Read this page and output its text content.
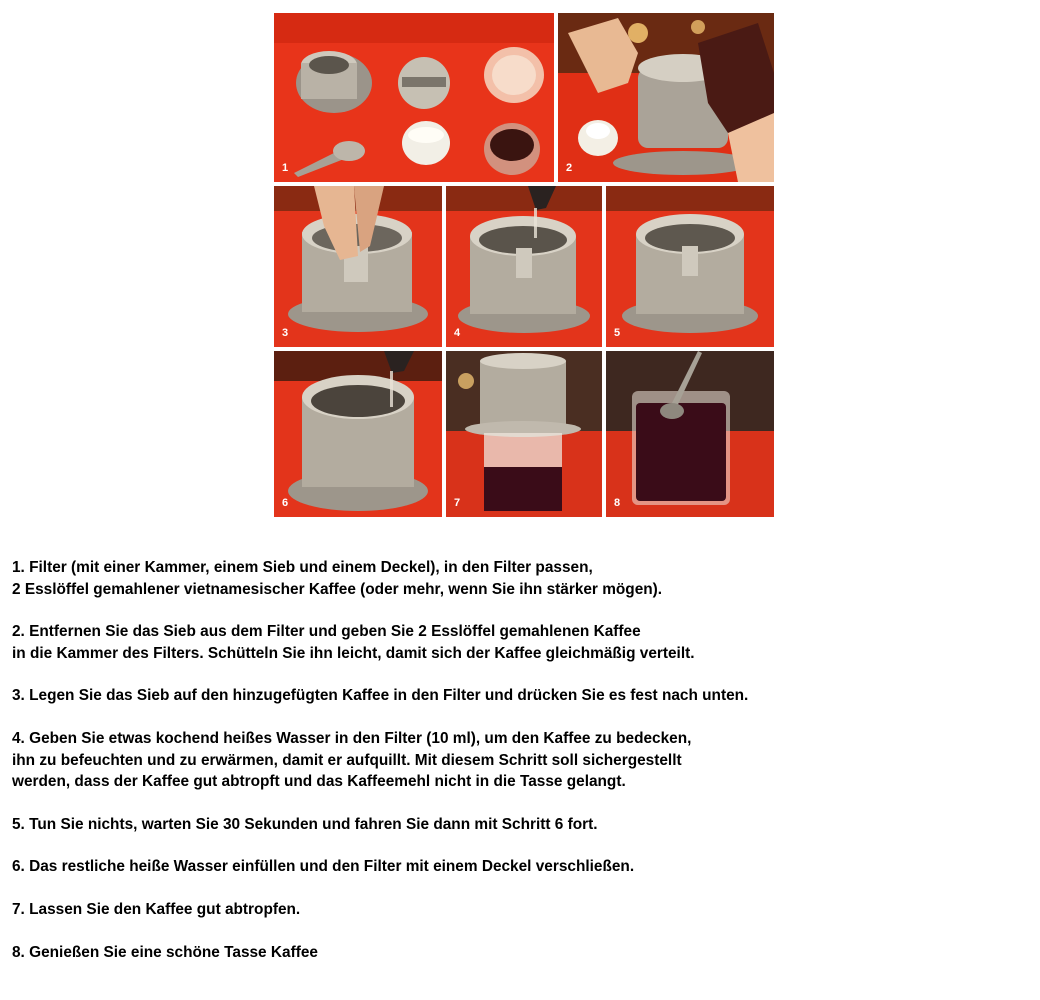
1	2
3	4	5
6	7	8

1. Filter (mit einer Kammer, einem Sieb und einem Deckel), in den Filter passen,
2 Esslöffel gemahlener vietnamesischer Kaffee (oder mehr, wenn Sie ihn stärker mögen).

2. Entfernen Sie das Sieb aus dem Filter und geben Sie 2 Esslöffel gemahlenen Kaffee
in die Kammer des Filters. Schütteln Sie ihn leicht, damit sich der Kaffee gleichmäßig verteilt.

3. Legen Sie das Sieb auf den hinzugefügten Kaffee in den Filter und drücken Sie es fest nach unten.

4. Geben Sie etwas kochend heißes Wasser in den Filter (10 ml), um den Kaffee zu bedecken,
ihn zu befeuchten und zu erwärmen, damit er aufquillt. Mit diesem Schritt soll sichergestellt
werden, dass der Kaffee gut abtropft und das Kaffeemehl nicht in die Tasse gelangt.

5. Tun Sie nichts, warten Sie 30 Sekunden und fahren Sie dann mit Schritt 6 fort.

6. Das restliche heiße Wasser einfüllen und den Filter mit einem Deckel verschließen.

7. Lassen Sie den Kaffee gut abtropfen.

8. Genießen Sie eine schöne Tasse Kaffee
